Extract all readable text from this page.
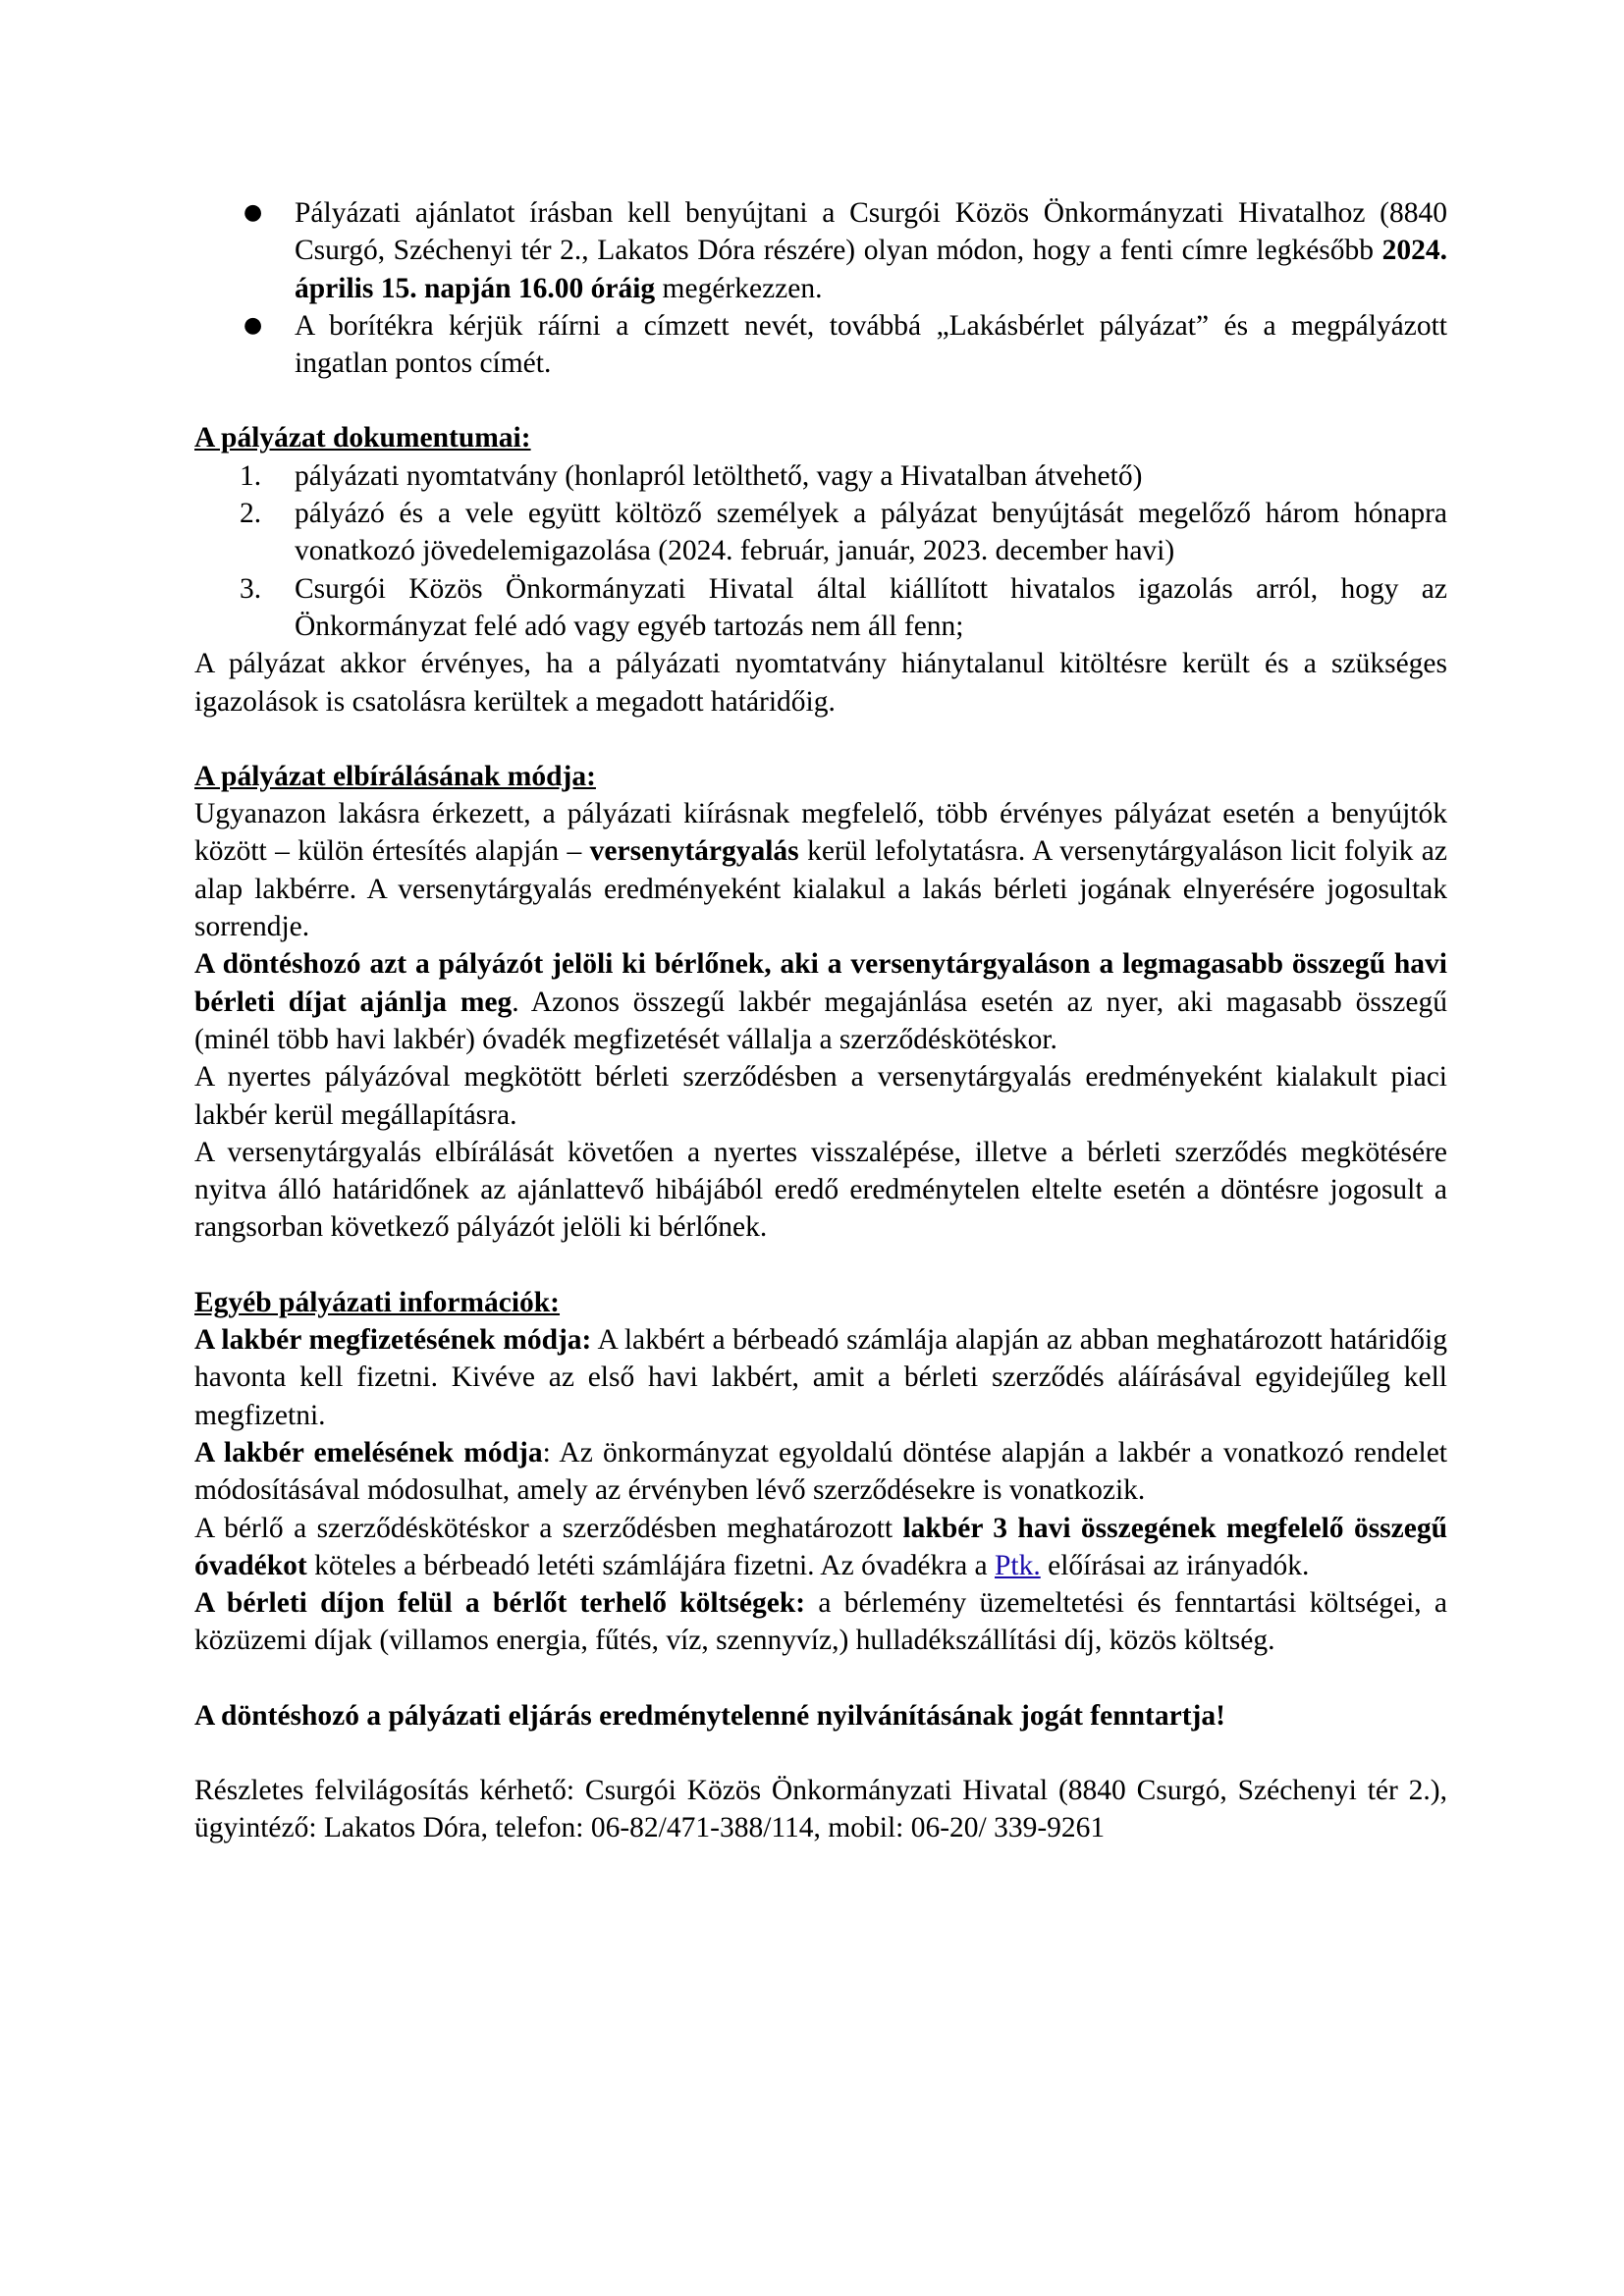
● Pályázati ajánlatot írásban kell benyújtani a Csurgói Közös Önkormányzati Hivatalhoz (8840 Csurgó, Széchenyi tér 2., Lakatos Dóra részére) olyan módon, hogy a fenti címre legkésőbb 2024. április 15. napján 16.00 óráig megérkezzen.
● A borítékra kérjük ráírni a címzett nevét, továbbá „Lakásbérlet pályázat” és a megpályázott ingatlan pontos címét.

A pályázat dokumentumai:

1. pályázati nyomtatvány (honlapról letölthető, vagy a Hivatalban átvehető)
2. pályázó és a vele együtt költöző személyek a pályázat benyújtását megelőző három hónapra vonatkozó jövedelemigazolása (2024. február, január, 2023. december havi)
3. Csurgói Közös Önkormányzati Hivatal által kiállított hivatalos igazolás arról, hogy az Önkormányzat felé adó vagy egyéb tartozás nem áll fenn;

A pályázat akkor érvényes, ha a pályázati nyomtatvány hiánytalanul kitöltésre került és a szükséges igazolások is csatolásra kerültek a megadott határidőig.

A pályázat elbírálásának módja:

Ugyanazon lakásra érkezett, a pályázati kiírásnak megfelelő, több érvényes pályázat esetén a benyújtók között – külön értesítés alapján – versenytárgyalás kerül lefolytatásra. A versenytárgyaláson licit folyik az alap lakbérre. A versenytárgyalás eredményeként kialakul a lakás bérleti jogának elnyerésére jogosultak sorrendje.

A döntéshozó azt a pályázót jelöli ki bérlőnek, aki a versenytárgyaláson a legmagasabb összegű havi bérleti díjat ajánlja meg. Azonos összegű lakbér megajánlása esetén az nyer, aki magasabb összegű (minél több havi lakbér) óvadék megfizetését vállalja a szerződéskötéskor.

A nyertes pályázóval megkötött bérleti szerződésben a versenytárgyalás eredményeként kialakult piaci lakbér kerül megállapításra.

A versenytárgyalás elbírálását követően a nyertes visszalépése, illetve a bérleti szerződés megkötésére nyitva álló határidőnek az ajánlattevő hibájából eredő eredménytelen eltelte esetén a döntésre jogosult a rangsorban következő pályázót jelöli ki bérlőnek.

Egyéb pályázati információk:

A lakbér megfizetésének módja: A lakbért a bérbeadó számlája alapján az abban meghatározott határidőig havonta kell fizetni. Kivéve az első havi lakbért, amit a bérleti szerződés aláírásával egyidejűleg kell megfizetni.

A lakbér emelésének módja: Az önkormányzat egyoldalú döntése alapján a lakbér a vonatkozó rendelet módosításával módosulhat, amely az érvényben lévő szerződésekre is vonatkozik.

A bérlő a szerződéskötéskor a szerződésben meghatározott lakbér 3 havi összegének megfelelő összegű óvadékot köteles a bérbeadó letéti számlájára fizetni. Az óvadékra a Ptk. előírásai az irányadók.

A bérleti díjon felül a bérlőt terhelő költségek: a bérlemény üzemeltetési és fenntartási költségei, a közüzemi díjak (villamos energia, fűtés, víz, szennyvíz,) hulladékszállítási díj, közös költség.

A döntéshozó a pályázati eljárás eredménytelenné nyilvánításának jogát fenntartja!

Részletes felvilágosítás kérhető: Csurgói Közös Önkormányzati Hivatal (8840 Csurgó, Széchenyi tér 2.), ügyintéző: Lakatos Dóra, telefon: 06-82/471-388/114, mobil: 06-20/ 339-9261
